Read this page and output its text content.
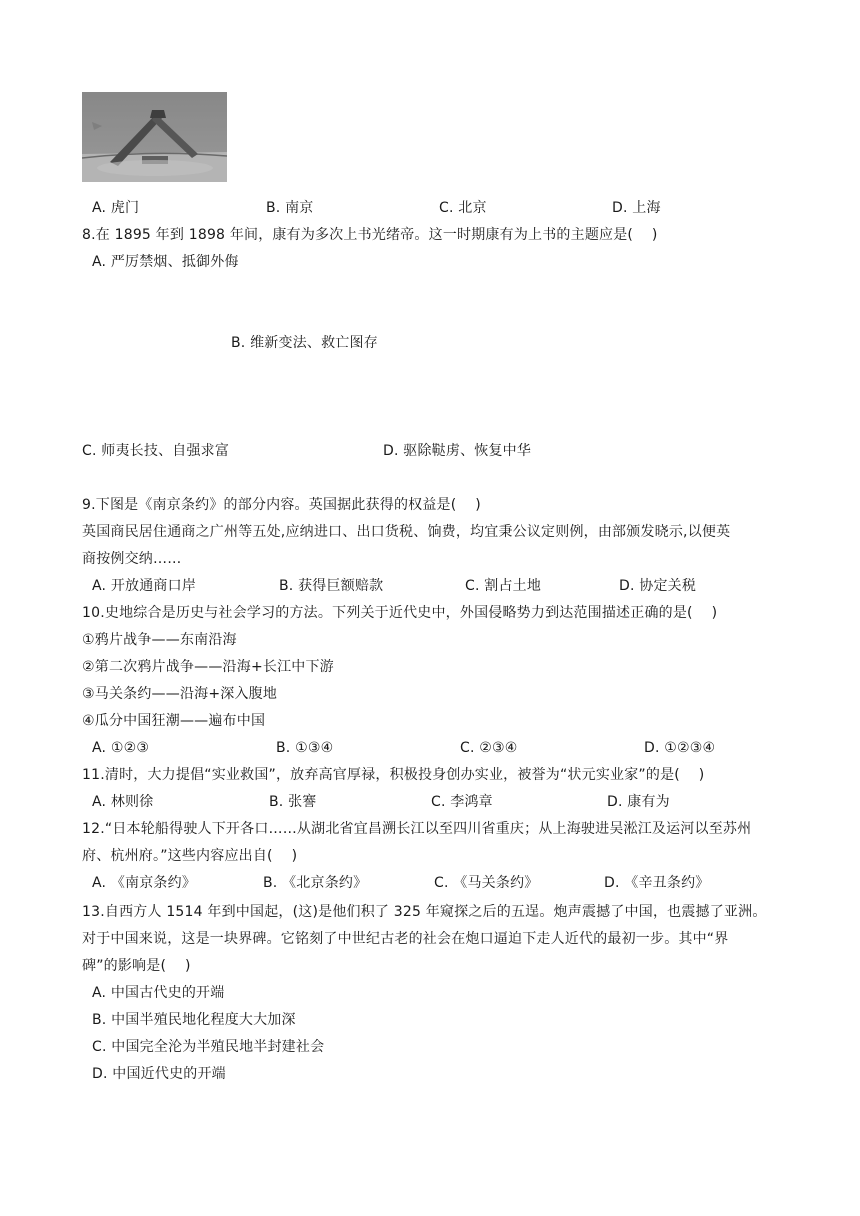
A. 虎门	B. 南京	C. 北京	D. 上海
8.在 1895 年到 1898 年间，康有为多次上书光绪帝。这一时期康有为上书的主题应是(　 )
A. 严厉禁烟、抵御外侮
B. 维新变法、救亡图存
C. 师夷长技、自强求富	D. 驱除鞑虏、恢复中华
9.下图是《南京条约》的部分内容。英国据此获得的权益是(　 )
英国商民居住通商之广州等五处,应纳进口、出口货税、饷费，均宜秉公议定则例，由部颁发晓示,以便英
商按例交纳……
A. 开放通商口岸	B. 获得巨额赔款	C. 割占土地	D. 协定关税
10.史地综合是历史与社会学习的方法。下列关于近代史中，外国侵略势力到达范围描述正确的是(　 )
①鸦片战争——东南沿海
②第二次鸦片战争——沿海+长江中下游
③马关条约——沿海+深入腹地
④瓜分中国狂潮——遍布中国
A. ①②③	B. ①③④	C. ②③④	D. ①②③④
11.清时，大力提倡“实业救国”，放弃高官厚禄，积极投身创办实业，被誉为“状元实业家”的是(　 )
A. 林则徐	B. 张謇	C. 李鸿章	D. 康有为
12.“日本轮船得驶人下开各口……从湖北省宜昌溯长江以至四川省重庆；从上海驶进吴淞江及运河以至苏州
府、杭州府。”这些内容应出自(　 )
A. 《南京条约》	B. 《北京条约》	C. 《马关条约》	D. 《辛丑条约》
13.自西方人 1514 年到中国起，(这)是他们积了 325 年窥探之后的五逞。炮声震撼了中国，也震撼了亚洲。
对于中国来说，这是一块界碑。它铭刻了中世纪古老的社会在炮口逼迫下走人近代的最初一步。其中“界
碑”的影响是(　 )
A. 中国古代史的开端
B. 中国半殖民地化程度大大加深
C. 中国完全沦为半殖民地半封建社会
D. 中国近代史的开端
